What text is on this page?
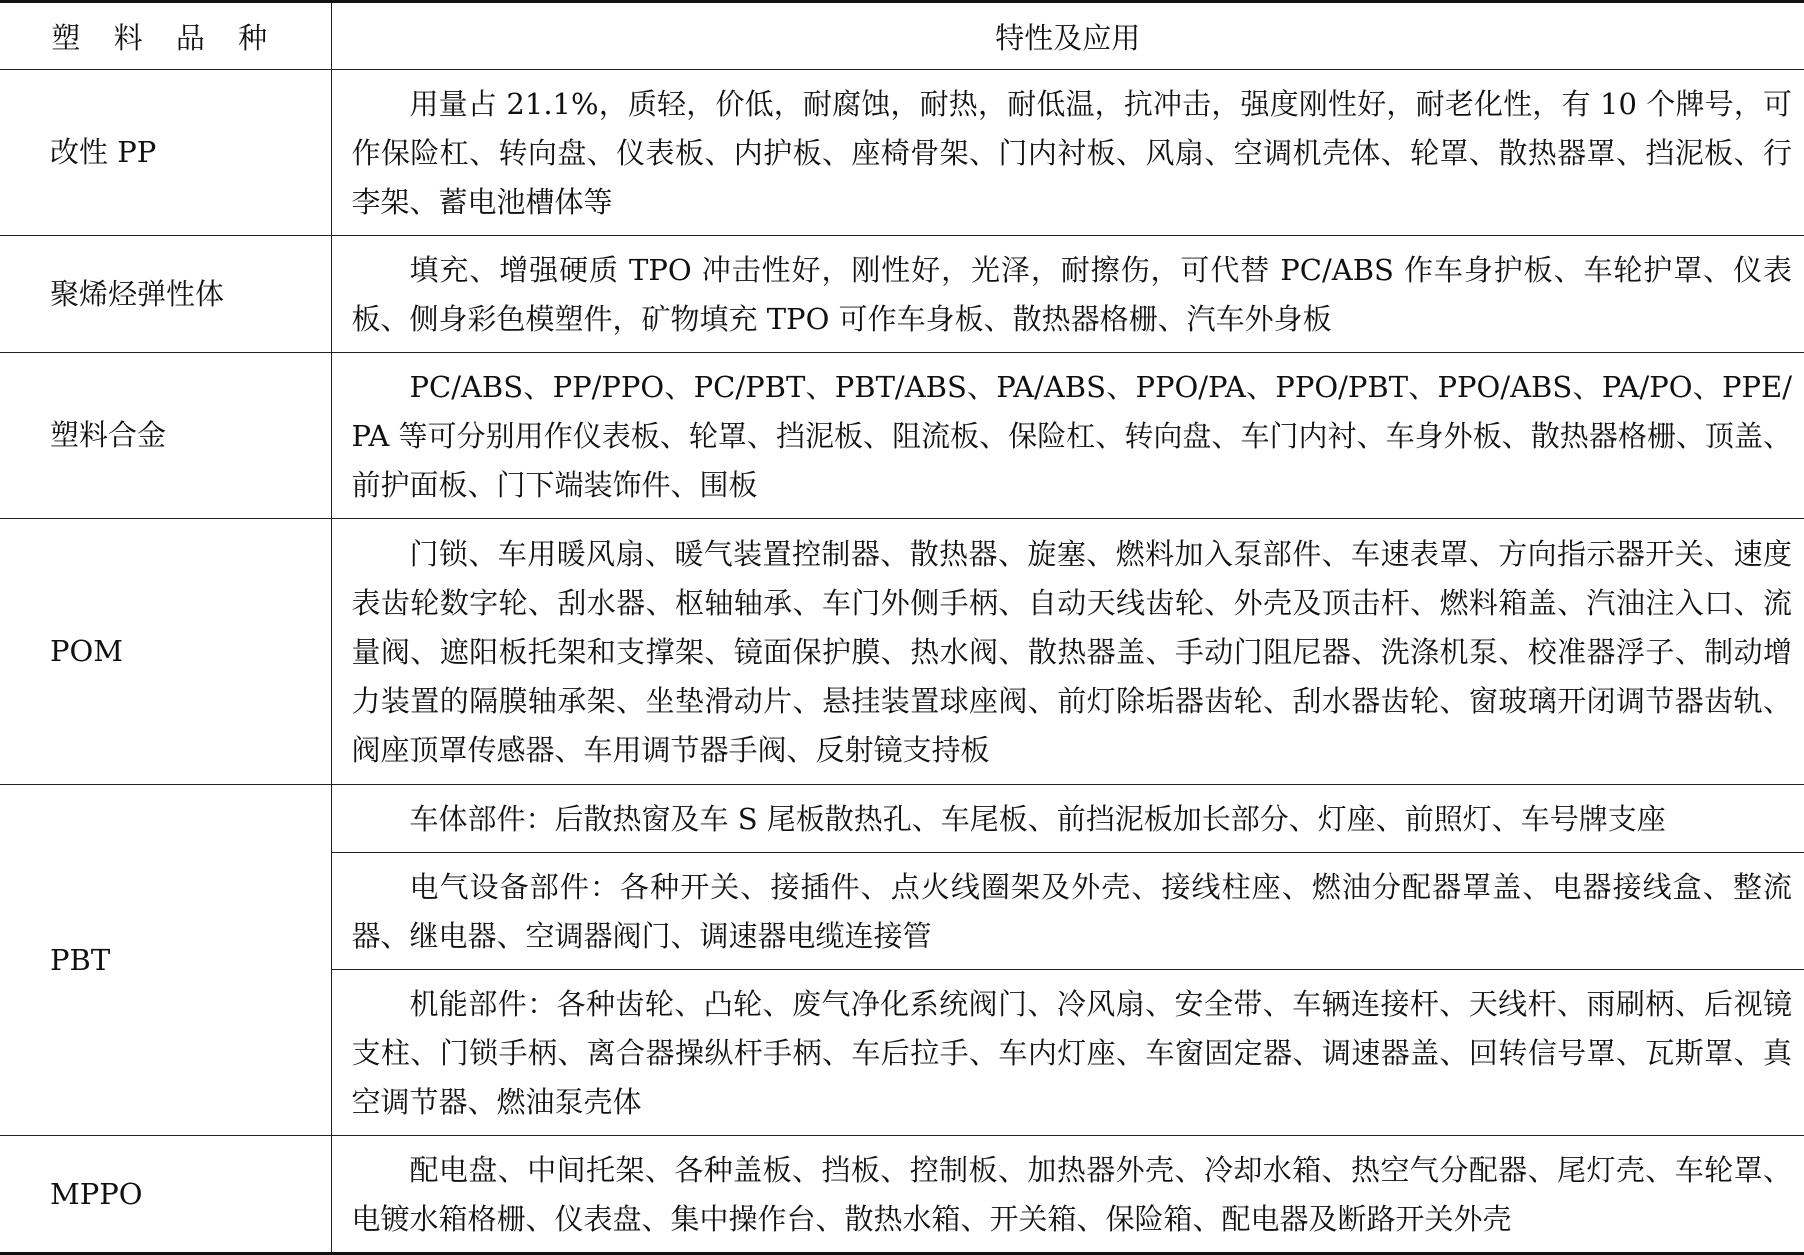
塑 料 品 种	特性及应用
改性 PP	用量占 21.1%，质轻，价低，耐腐蚀，耐热，耐低温，抗冲击，强度刚性好，耐老化性，有 10 个牌号，可作保险杠、转向盘、仪表板、内护板、座椅骨架、门内衬板、风扇、空调机壳体、轮罩、散热器罩、挡泥板、行李架、蓄电池槽体等
聚烯烃弹性体	填充、增强硬质 TPO 冲击性好，刚性好，光泽，耐擦伤，可代替 PC/ABS 作车身护板、车轮护罩、仪表板、侧身彩色模塑件，矿物填充 TPO 可作车身板、散热器格栅、汽车外身板
塑料合金	PC/ABS、PP/PPO、PC/PBT、PBT/ABS、PA/ABS、PPO/PA、PPO/PBT、PPO/ABS、PA/PO、PPE/PA 等可分别用作仪表板、轮罩、挡泥板、阻流板、保险杠、转向盘、车门内衬、车身外板、散热器格栅、顶盖、前护面板、门下端装饰件、围板
POM	门锁、车用暖风扇、暖气装置控制器、散热器、旋塞、燃料加入泵部件、车速表罩、方向指示器开关、速度表齿轮数字轮、刮水器、枢轴轴承、车门外侧手柄、自动天线齿轮、外壳及顶击杆、燃料箱盖、汽油注入口、流量阀、遮阳板托架和支撑架、镜面保护膜、热水阀、散热器盖、手动门阻尼器、洗涤机泵、校准器浮子、制动增力装置的隔膜轴承架、坐垫滑动片、悬挂装置球座阀、前灯除垢器齿轮、刮水器齿轮、窗玻璃开闭调节器齿轨、阀座顶罩传感器、车用调节器手阀、反射镜支持板
PBT	车体部件：后散热窗及车 S 尾板散热孔、车尾板、前挡泥板加长部分、灯座、前照灯、车号牌支座
	电气设备部件：各种开关、接插件、点火线圈架及外壳、接线柱座、燃油分配器罩盖、电器接线盒、整流器、继电器、空调器阀门、调速器电缆连接管
	机能部件：各种齿轮、凸轮、废气净化系统阀门、冷风扇、安全带、车辆连接杆、天线杆、雨刷柄、后视镜支柱、门锁手柄、离合器操纵杆手柄、车后拉手、车内灯座、车窗固定器、调速器盖、回转信号罩、瓦斯罩、真空调节器、燃油泵壳体
MPPO	配电盘、中间托架、各种盖板、挡板、控制板、加热器外壳、冷却水箱、热空气分配器、尾灯壳、车轮罩、电镀水箱格栅、仪表盘、集中操作台、散热水箱、开关箱、保险箱、配电器及断路开关外壳
